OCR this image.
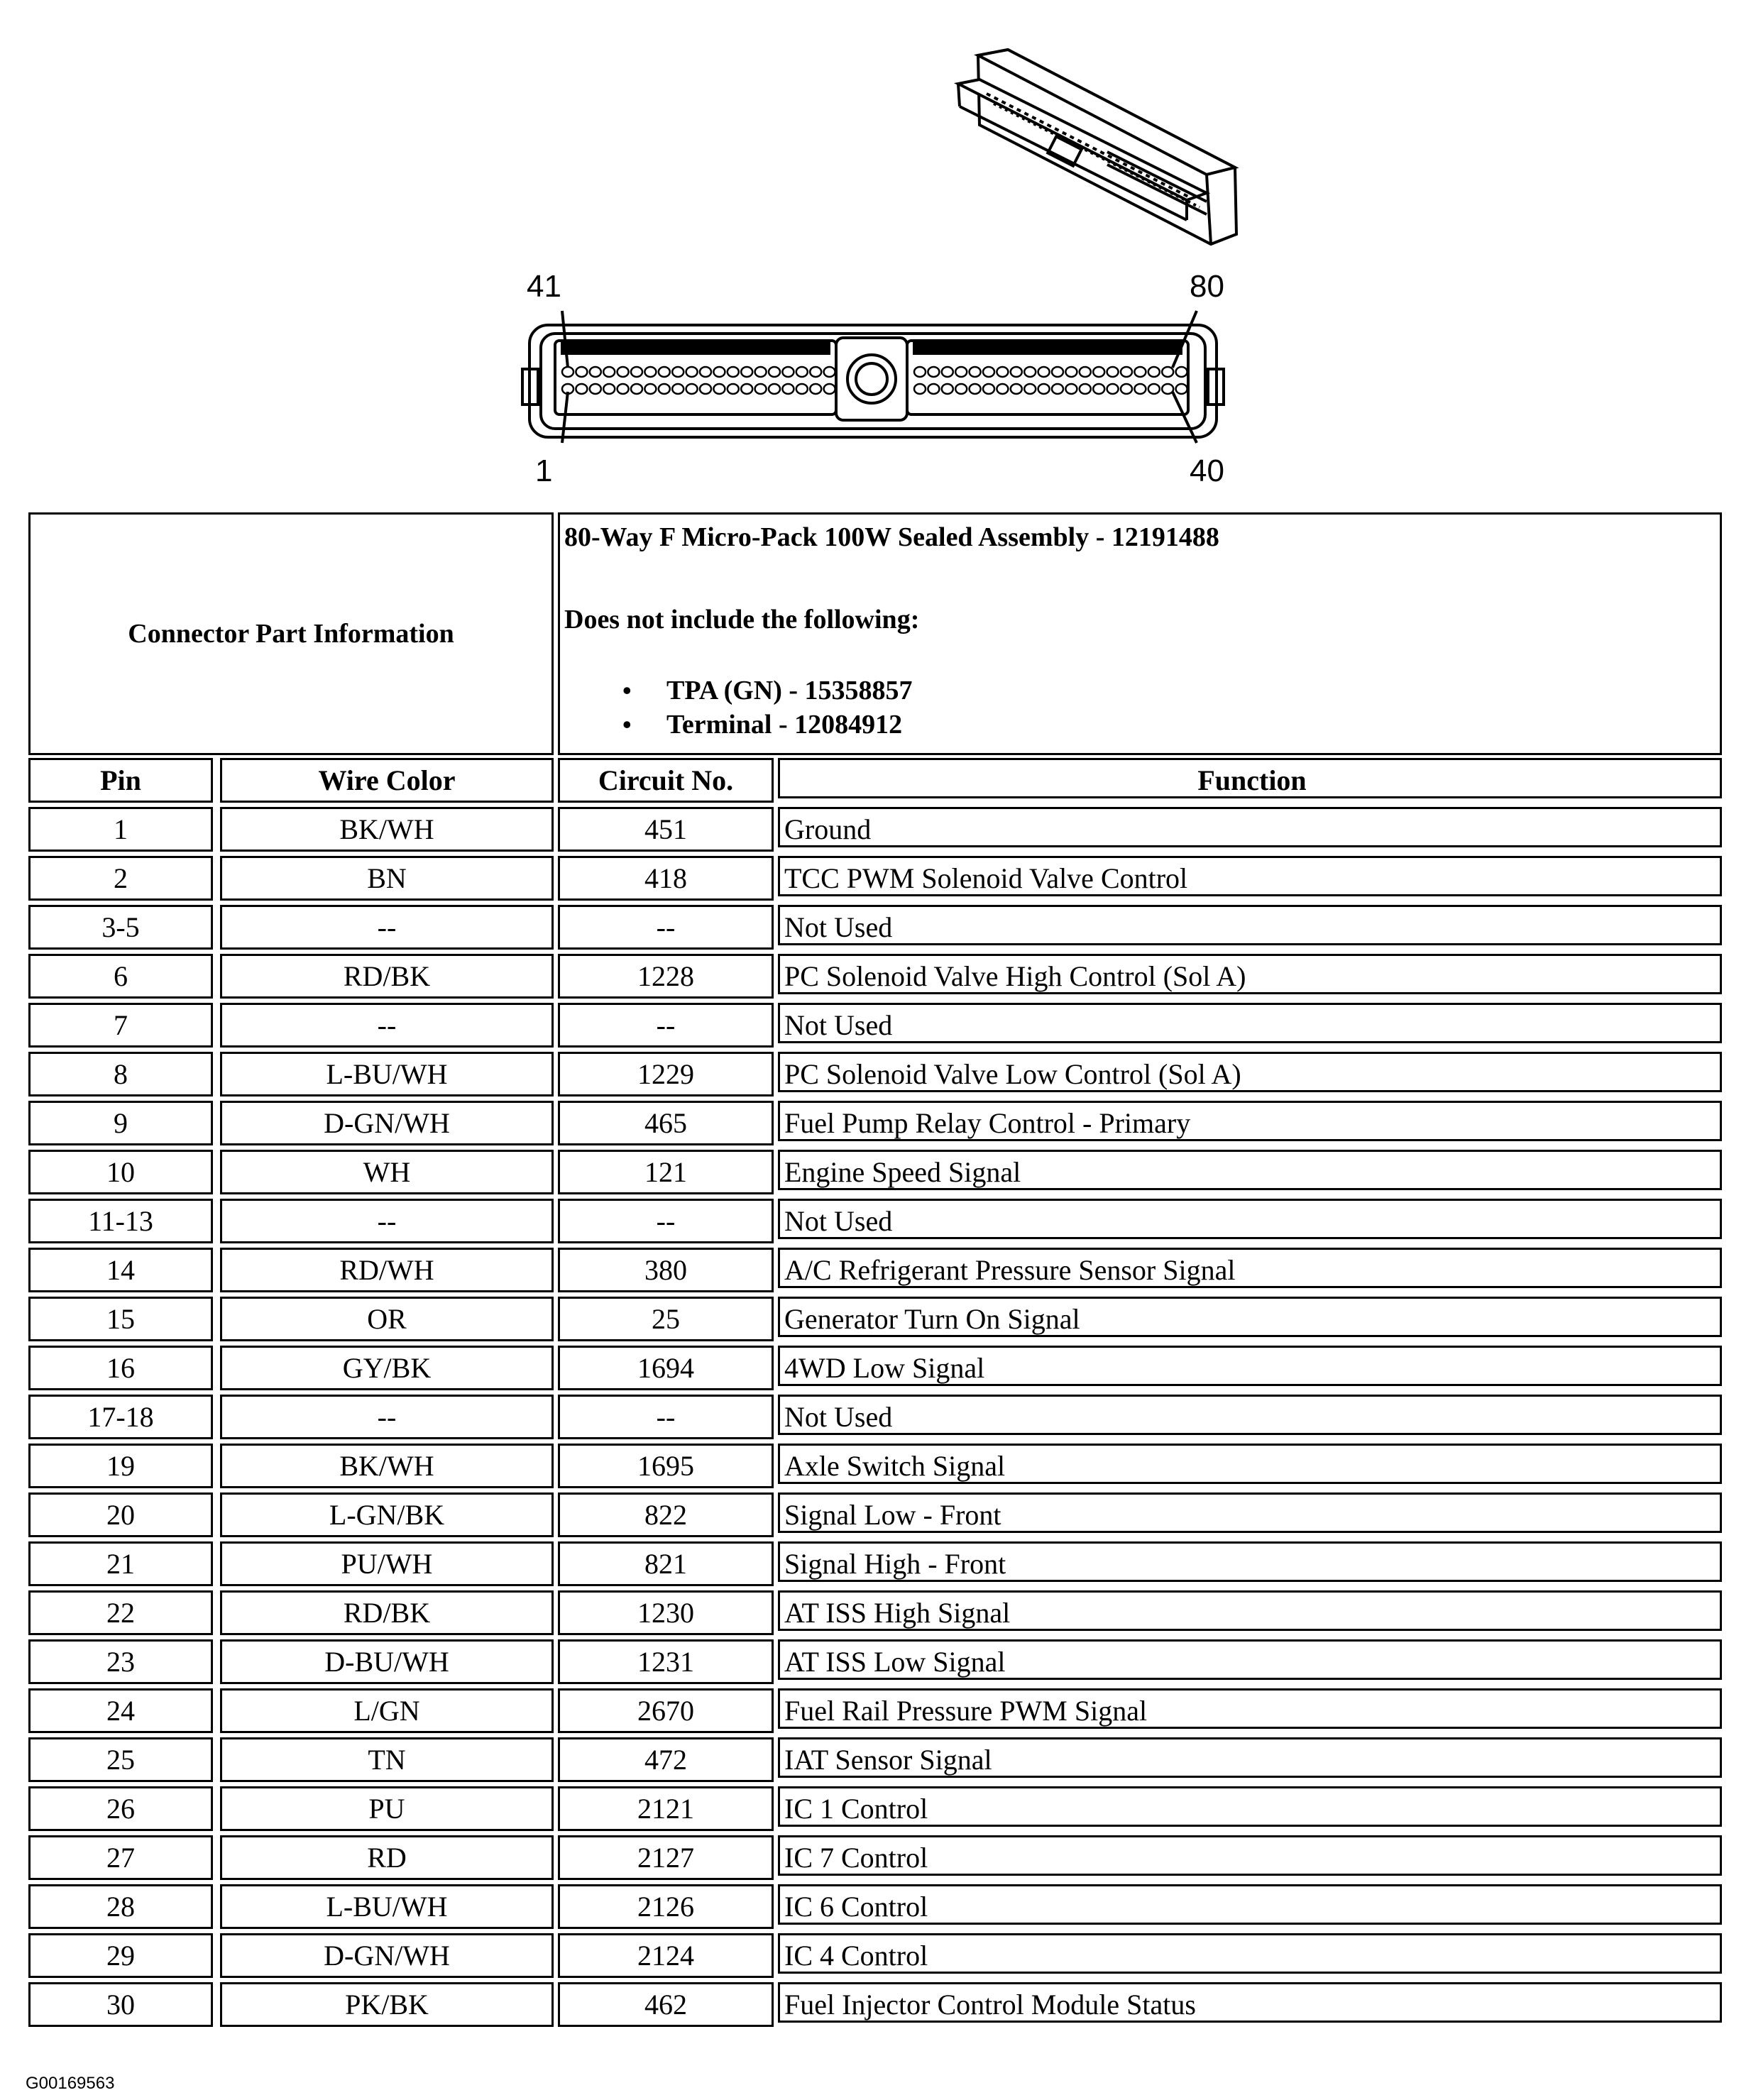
41	80
1	40
Connector Part Information
80-Way F Micro-Pack 100W Sealed Assembly - 12191488
Does not include the following:
• TPA (GN) - 15358857
• Terminal - 12084912
Pin	Wire Color	Circuit No.	Function
1	BK/WH	451	Ground
2	BN	418	TCC PWM Solenoid Valve Control
3-5	--	--	Not Used
6	RD/BK	1228	PC Solenoid Valve High Control (Sol A)
7	--	--	Not Used
8	L-BU/WH	1229	PC Solenoid Valve Low Control (Sol A)
9	D-GN/WH	465	Fuel Pump Relay Control - Primary
10	WH	121	Engine Speed Signal
11-13	--	--	Not Used
14	RD/WH	380	A/C Refrigerant Pressure Sensor Signal
15	OR	25	Generator Turn On Signal
16	GY/BK	1694	4WD Low Signal
17-18	--	--	Not Used
19	BK/WH	1695	Axle Switch Signal
20	L-GN/BK	822	Signal Low - Front
21	PU/WH	821	Signal High - Front
22	RD/BK	1230	AT ISS High Signal
23	D-BU/WH	1231	AT ISS Low Signal
24	L/GN	2670	Fuel Rail Pressure PWM Signal
25	TN	472	IAT Sensor Signal
26	PU	2121	IC 1 Control
27	RD	2127	IC 7 Control
28	L-BU/WH	2126	IC 6 Control
29	D-GN/WH	2124	IC 4 Control
30	PK/BK	462	Fuel Injector Control Module Status
G00169563
